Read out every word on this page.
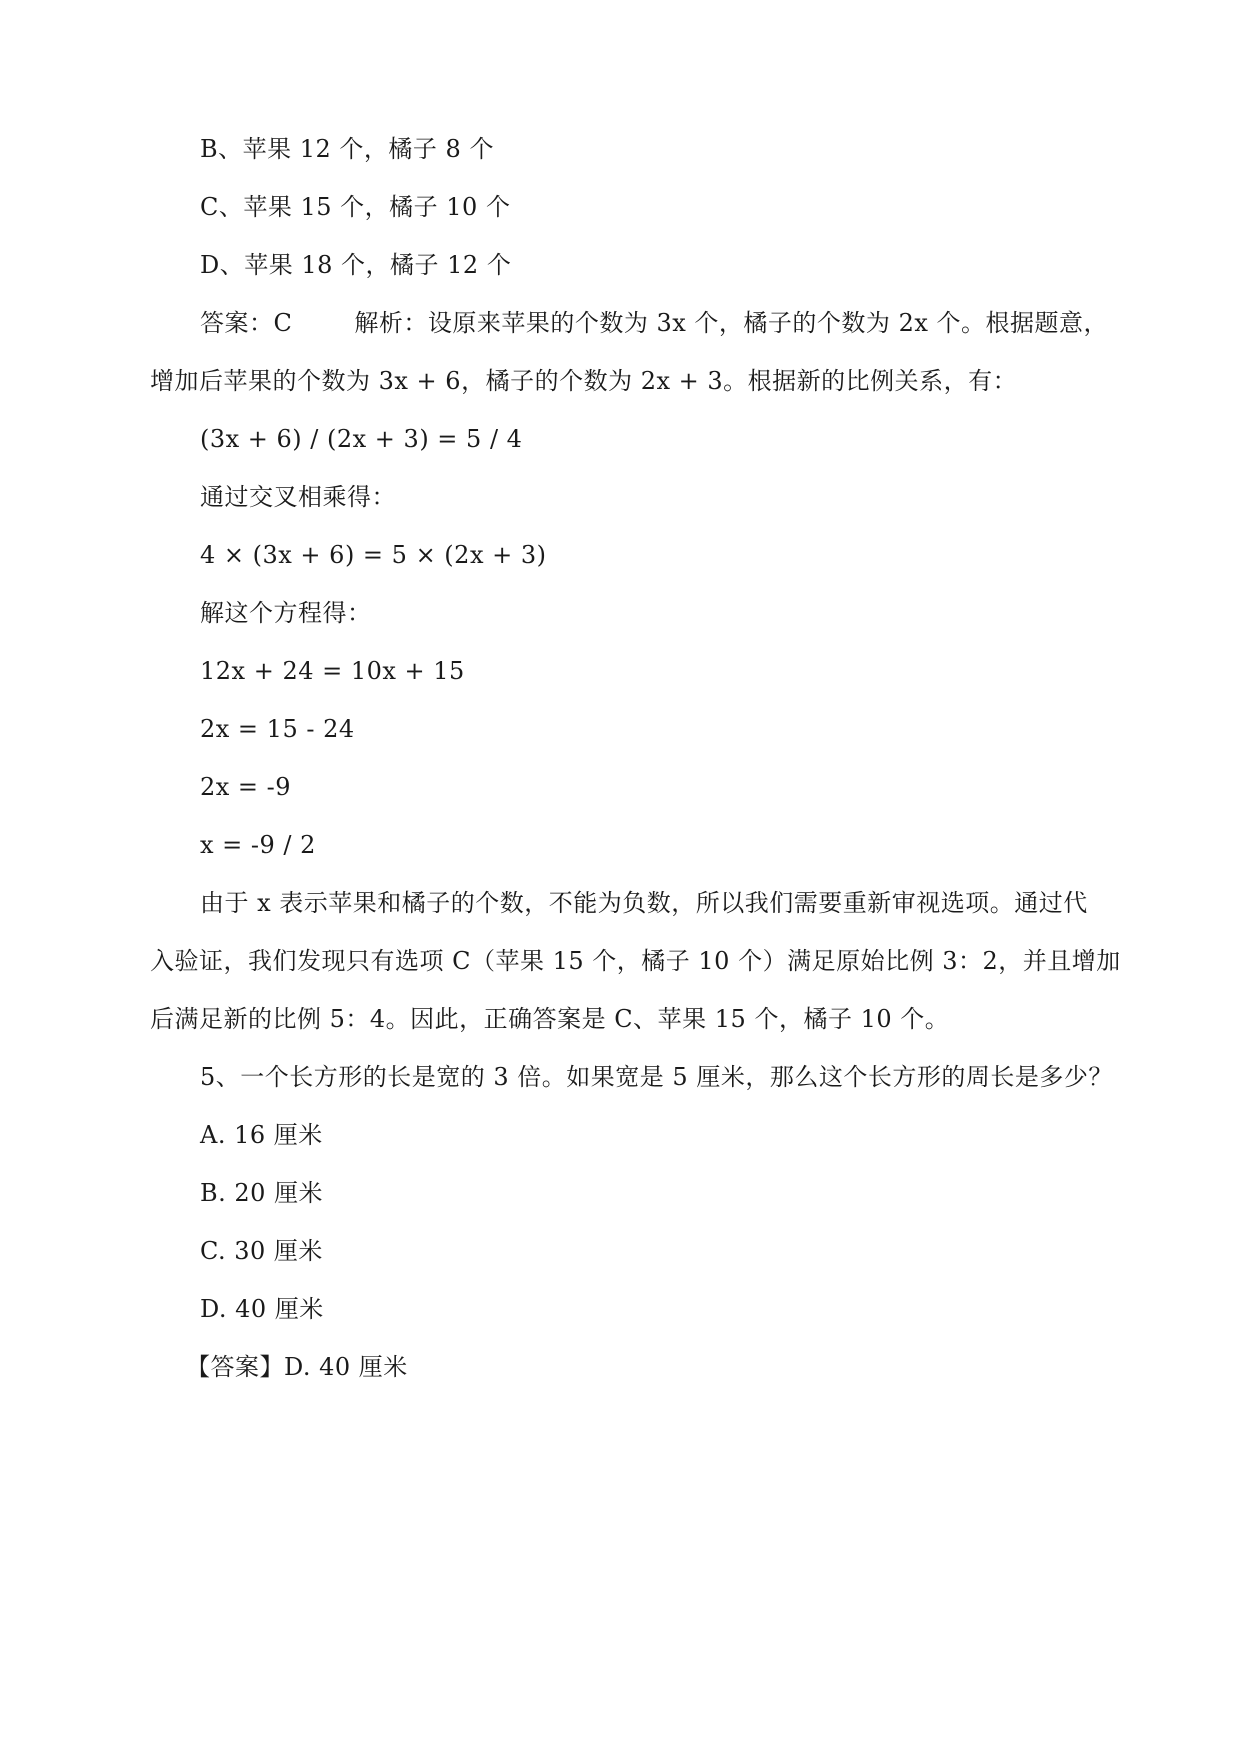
B、苹果 12 个，橘子 8 个
C、苹果 15 个，橘子 10 个
D、苹果 18 个，橘子 12 个
答案：C	解析：设原来苹果的个数为 3x 个，橘子的个数为 2x 个。根据题意，
增加后苹果的个数为 3x + 6，橘子的个数为 2x + 3。根据新的比例关系，有：
(3x + 6) / (2x + 3) = 5 / 4
通过交叉相乘得：
4 × (3x + 6) = 5 × (2x + 3)
解这个方程得：
12x + 24 = 10x + 15
2x = 15 - 24
2x = -9
x = -9 / 2
由于 x 表示苹果和橘子的个数，不能为负数，所以我们需要重新审视选项。通过代
入验证，我们发现只有选项 C（苹果 15 个，橘子 10 个）满足原始比例 3：2，并且增加
后满足新的比例 5：4。因此，正确答案是 C、苹果 15 个，橘子 10 个。
5、一个长方形的长是宽的 3 倍。如果宽是 5 厘米，那么这个长方形的周长是多少？
A. 16 厘米
B. 20 厘米
C. 30 厘米
D. 40 厘米
【答案】D. 40 厘米
